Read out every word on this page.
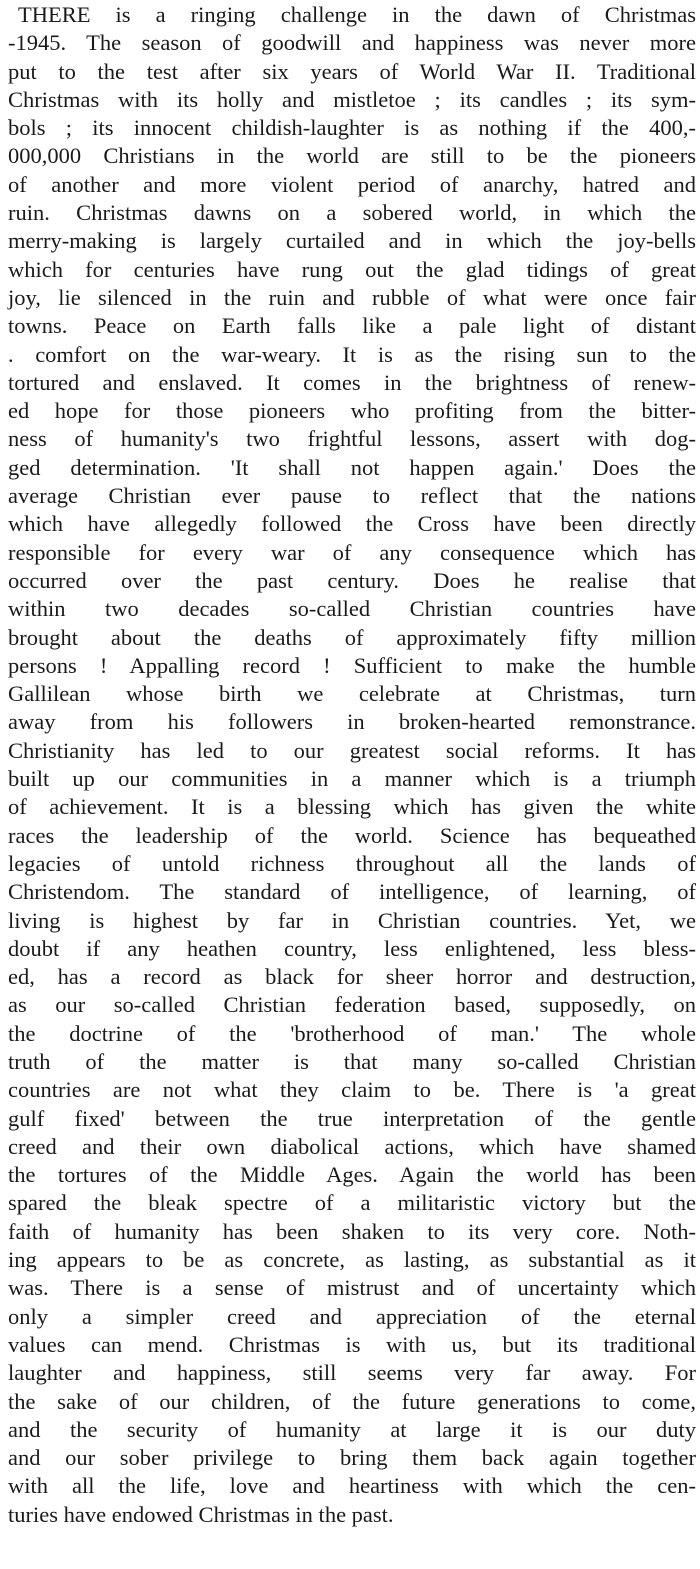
THERE is a ringing challenge in the dawn of Christmas
-1945. The season of goodwill and happiness was never more
put to the test after six years of World War II. Traditional
Christmas with its holly and mistletoe ; its candles ; its sym-
bols ; its innocent childish-laughter is as nothing if the 400,-
000,000 Christians in the world are still to be the pioneers
of another and more violent period of anarchy, hatred and
ruin. Christmas dawns on a sobered world, in which the
merry-making is largely curtailed and in which the joy-bells
which for centuries have rung out the glad tidings of great
joy, lie silenced in the ruin and rubble of what were once fair
towns. Peace on Earth falls like a pale light of distant
. comfort on the war-weary. It is as the rising sun to the
tortured and enslaved. It comes in the brightness of renew-
ed hope for those pioneers who profiting from the bitter-
ness of humanity's two frightful lessons, assert with dog-
ged determination. 'It shall not happen again.' Does the
average Christian ever pause to reflect that the nations
which have allegedly followed the Cross have been directly
responsible for every war of any consequence which has
occurred over the past century. Does he realise that
within two decades so-called Christian countries have
brought about the deaths of approximately fifty million
persons ! Appalling record ! Sufficient to make the humble
Gallilean whose birth we celebrate at Christmas, turn
away from his followers in broken-hearted remonstrance.
Christianity has led to our greatest social reforms. It has
built up our communities in a manner which is a triumph
of achievement. It is a blessing which has given the white
races the leadership of the world. Science has bequeathed
legacies of untold richness throughout all the lands of
Christendom. The standard of intelligence, of learning, of
living is highest by far in Christian countries. Yet, we
doubt if any heathen country, less enlightened, less bless-
ed, has a record as black for sheer horror and destruction,
as our so-called Christian federation based, supposedly, on
the doctrine of the 'brotherhood of man.' The whole
truth of the matter is that many so-called Christian
countries are not what they claim to be. There is 'a great
gulf fixed' between the true interpretation of the gentle
creed and their own diabolical actions, which have shamed
the tortures of the Middle Ages. Again the world has been
spared the bleak spectre of a militaristic victory but the
faith of humanity has been shaken to its very core. Noth-
ing appears to be as concrete, as lasting, as substantial as it
was. There is a sense of mistrust and of uncertainty which
only a simpler creed and appreciation of the eternal
values can mend. Christmas is with us, but its traditional
laughter and happiness, still seems very far away. For
the sake of our children, of the future generations to come,
and the security of humanity at large it is our duty
and our sober privilege to bring them back again together
with all the life, love and heartiness with which the cen-
turies have endowed Christmas in the past.
